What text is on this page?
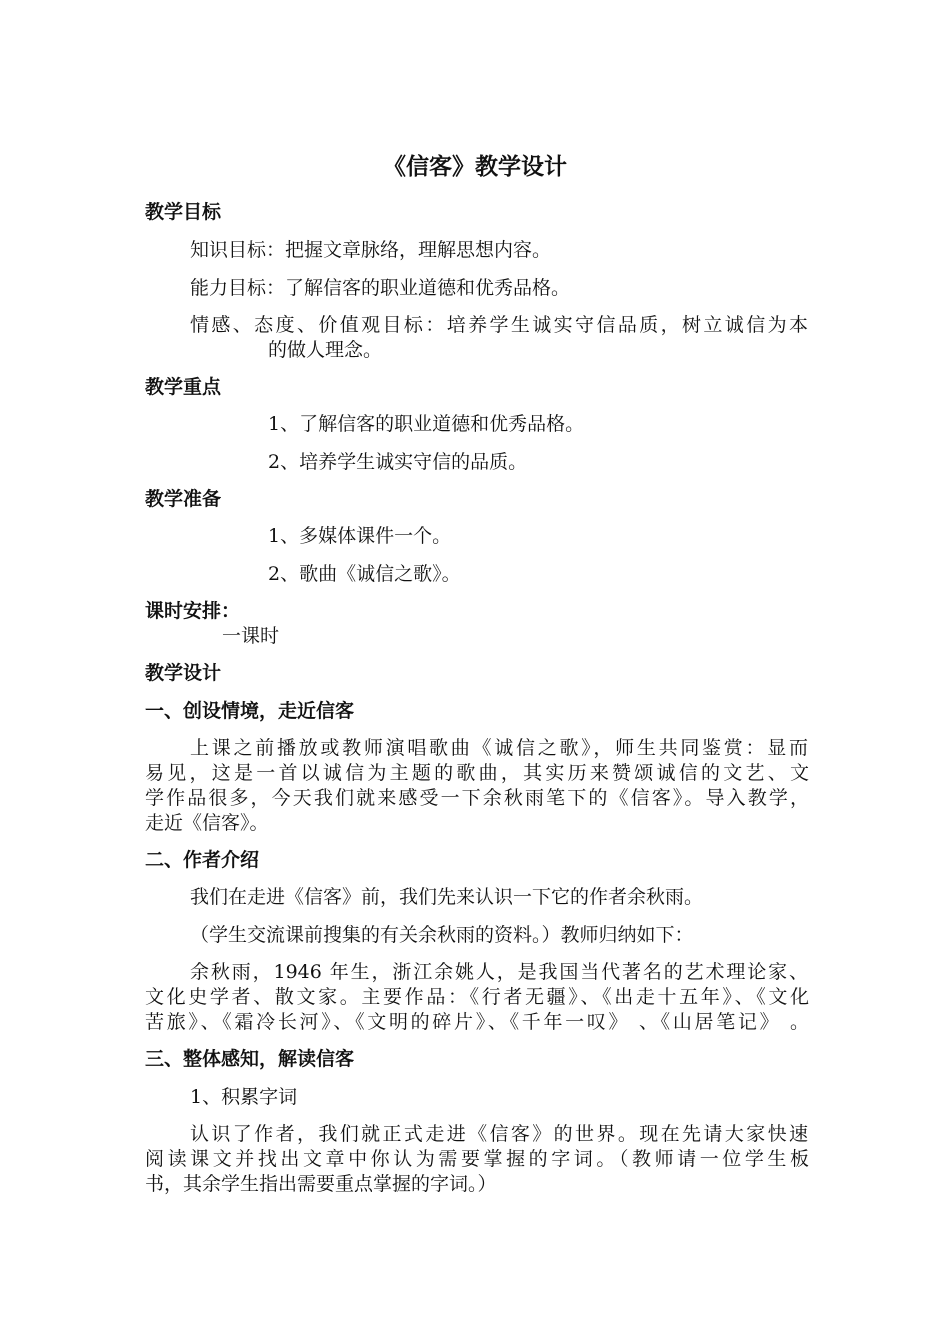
《信客》教学设计
教学目标
知识目标：把握文章脉络，理解思想内容。
能力目标：了解信客的职业道德和优秀品格。
情感、态度、价值观目标：培养学生诚实守信品质，树立诚信为本
的做人理念。
教学重点
1、了解信客的职业道德和优秀品格。
2、培养学生诚实守信的品质。
教学准备
1、多媒体课件一个。
2、歌曲《诚信之歌》。
课时安排：
一课时
教学设计
一、创设情境，走近信客
上课之前播放或教师演唱歌曲《诚信之歌》，师生共同鉴赏：显而
易见，这是一首以诚信为主题的歌曲，其实历来赞颂诚信的文艺、文
学作品很多，今天我们就来感受一下余秋雨笔下的《信客》。导入教学，
走近《信客》。
二、作者介绍
我们在走进《信客》前，我们先来认识一下它的作者余秋雨。
（学生交流课前搜集的有关余秋雨的资料。）教师归纳如下：
余秋雨，1946 年生，浙江余姚人，是我国当代著名的艺术理论家、
文化史学者、散文家。主要作品：《行者无疆》、《出走十五年》、《文化
苦旅》、《霜冷长河》、《文明的碎片》、《千年一叹》 、《山居笔记》 。
三、整体感知，解读信客
1、积累字词
认识了作者，我们就正式走进《信客》的世界。现在先请大家快速
阅读课文并找出文章中你认为需要掌握的字词。（教师请一位学生板
书，其余学生指出需要重点掌握的字词。）
